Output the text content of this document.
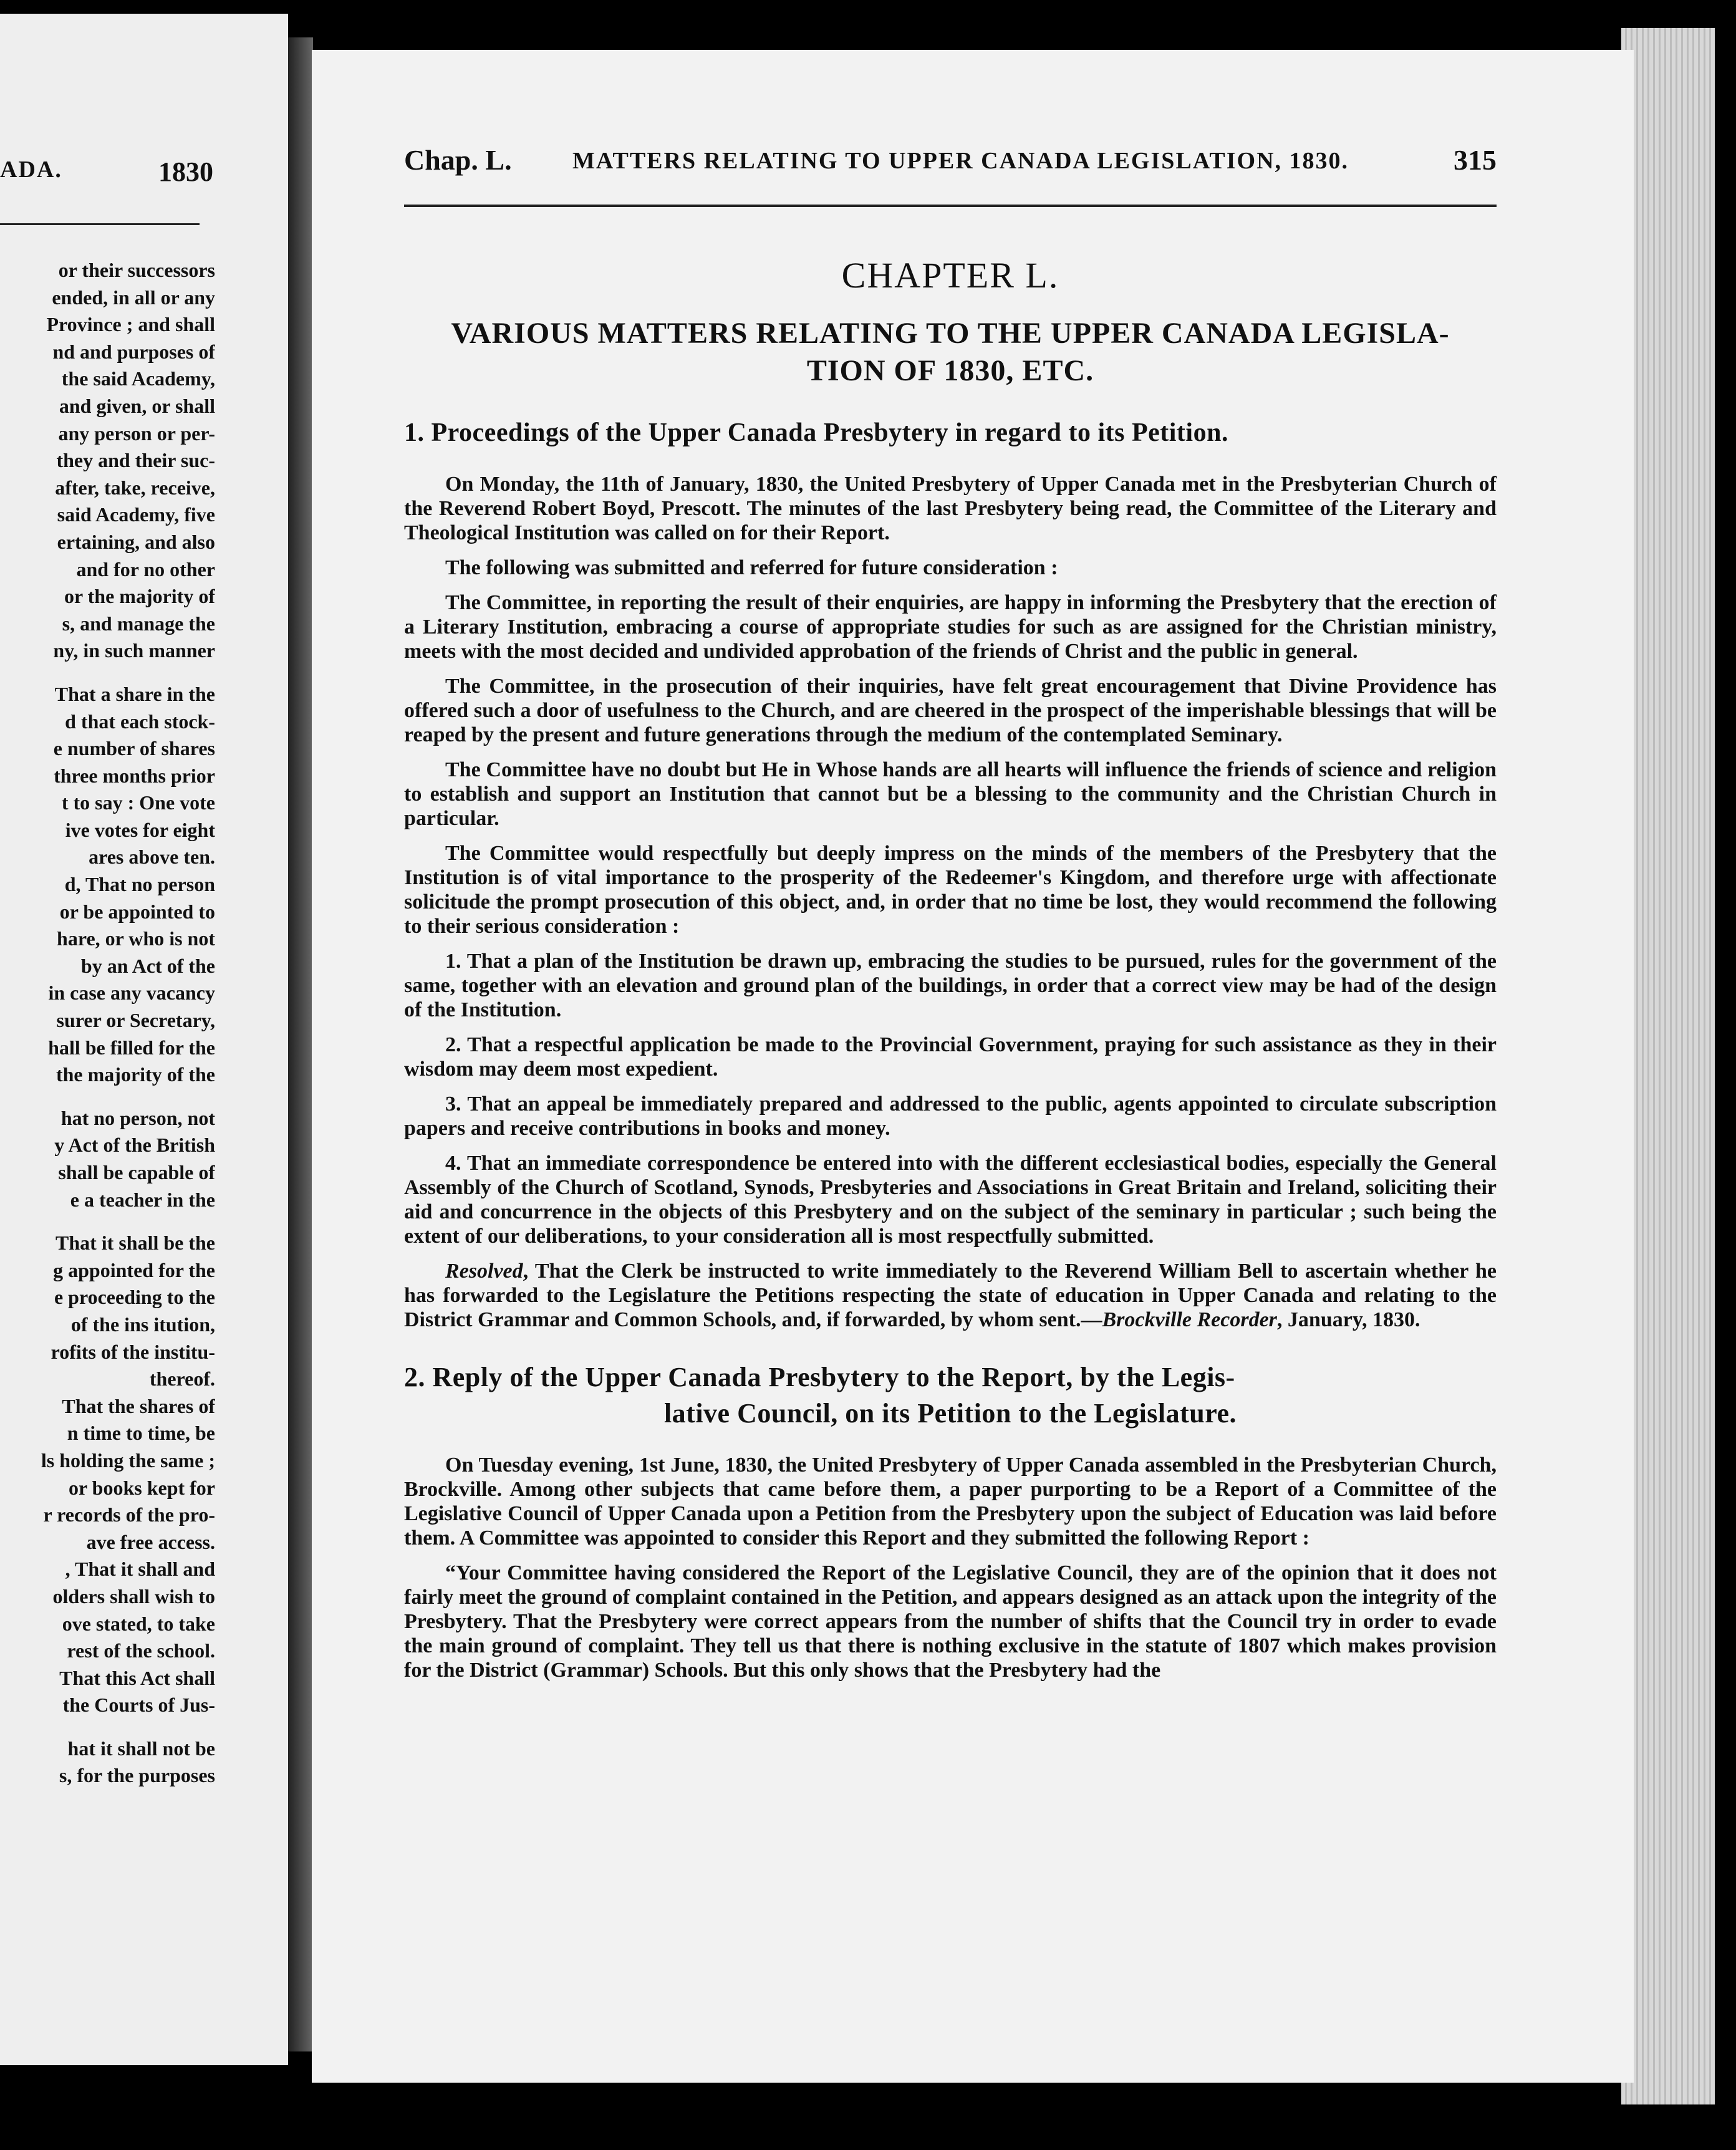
ADA.	1830
or their successors
ended, in all or any
Province ; and shall
nd and purposes of
the said Academy,
and given, or shall
any person or per-
they and their suc-
after, take, receive,
said Academy, five
ertaining, and also
and for no other
or the majority of
s, and manage the
ny, in such manner
That a share in the
d that each stock-
e number of shares
three months prior
t to say : One vote
ive votes for eight
ares above ten.
d, That no person
or be appointed to
hare, or who is not
by an Act of the
in case any vacancy
surer or Secretary,
hall be filled for the
the majority of the
hat no person, not
y Act of the British
shall be capable of
e a teacher in the
That it shall be the
g appointed for the
e proceeding to the
of the ins itution,
rofits of the institu-
thereof.
That the shares of
n time to time, be
ls holding the same ;
or books kept for
r records of the pro-
ave free access.
, That it shall and
olders shall wish to
ove stated, to take
rest of the school.
That this Act shall
the Courts of Jus-
hat it shall not be
s, for the purposes
Chap. L.	MATTERS RELATING TO UPPER CANADA LEGISLATION, 1830.	315
CHAPTER L.
VARIOUS MATTERS RELATING TO THE UPPER CANADA LEGISLA-
TION OF 1830, ETC.
1. Proceedings of the Upper Canada Presbytery in regard to its Petition.

On Monday, the 11th of January, 1830, the United Presbytery of Upper Canada met in the Presbyterian Church of the Reverend Robert Boyd, Prescott. The minutes of the last Presbytery being read, the Committee of the Literary and Theological Institution was called on for their Report.

The following was submitted and referred for future consideration :

The Committee, in reporting the result of their enquiries, are happy in informing the Presbytery that the erection of a Literary Institution, embracing a course of appropriate studies for such as are assigned for the Christian ministry, meets with the most decided and undivided approbation of the friends of Christ and the public in general.

The Committee, in the prosecution of their inquiries, have felt great encouragement that Divine Providence has offered such a door of usefulness to the Church, and are cheered in the prospect of the imperishable blessings that will be reaped by the present and future generations through the medium of the contemplated Seminary.

The Committee have no doubt but He in Whose hands are all hearts will influence the friends of science and religion to establish and support an Institution that cannot but be a blessing to the community and the Christian Church in particular.

The Committee would respectfully but deeply impress on the minds of the members of the Presbytery that the Institution is of vital importance to the prosperity of the Redeemer's Kingdom, and therefore urge with affectionate solicitude the prompt prosecution of this object, and, in order that no time be lost, they would recommend the following to their serious consideration :

1. That a plan of the Institution be drawn up, embracing the studies to be pursued, rules for the government of the same, together with an elevation and ground plan of the buildings, in order that a correct view may be had of the design of the Institution.

2. That a respectful application be made to the Provincial Government, praying for such assistance as they in their wisdom may deem most expedient.

3. That an appeal be immediately prepared and addressed to the public, agents appointed to circulate subscription papers and receive contributions in books and money.

4. That an immediate correspondence be entered into with the different ecclesiastical bodies, especially the General Assembly of the Church of Scotland, Synods, Presbyteries and Associations in Great Britain and Ireland, soliciting their aid and concurrence in the objects of this Presbytery and on the subject of the seminary in particular ; such being the extent of our deliberations, to your consideration all is most respectfully submitted.

Resolved, That the Clerk be instructed to write immediately to the Reverend William Bell to ascertain whether he has forwarded to the Legislature the Petitions respecting the state of education in Upper Canada and relating to the District Grammar and Common Schools, and, if forwarded, by whom sent.—Brockville Recorder, January, 1830.

2. Reply of the Upper Canada Presbytery to the Report, by the Legis-
lative Council, on its Petition to the Legislature.

On Tuesday evening, 1st June, 1830, the United Presbytery of Upper Canada assembled in the Presbyterian Church, Brockville. Among other subjects that came before them, a paper purporting to be a Report of a Committee of the Legislative Council of Upper Canada upon a Petition from the Presbytery upon the subject of Education was laid before them. A Committee was appointed to consider this Report and they submitted the following Report :

“Your Committee having considered the Report of the Legislative Council, they are of the opinion that it does not fairly meet the ground of complaint contained in the Petition, and appears designed as an attack upon the integrity of the Presbytery. That the Presbytery were correct appears from the number of shifts that the Council try in order to evade the main ground of complaint. They tell us that there is nothing exclusive in the statute of 1807 which makes provision for the District (Grammar) Schools. But this only shows that the Presbytery had the
